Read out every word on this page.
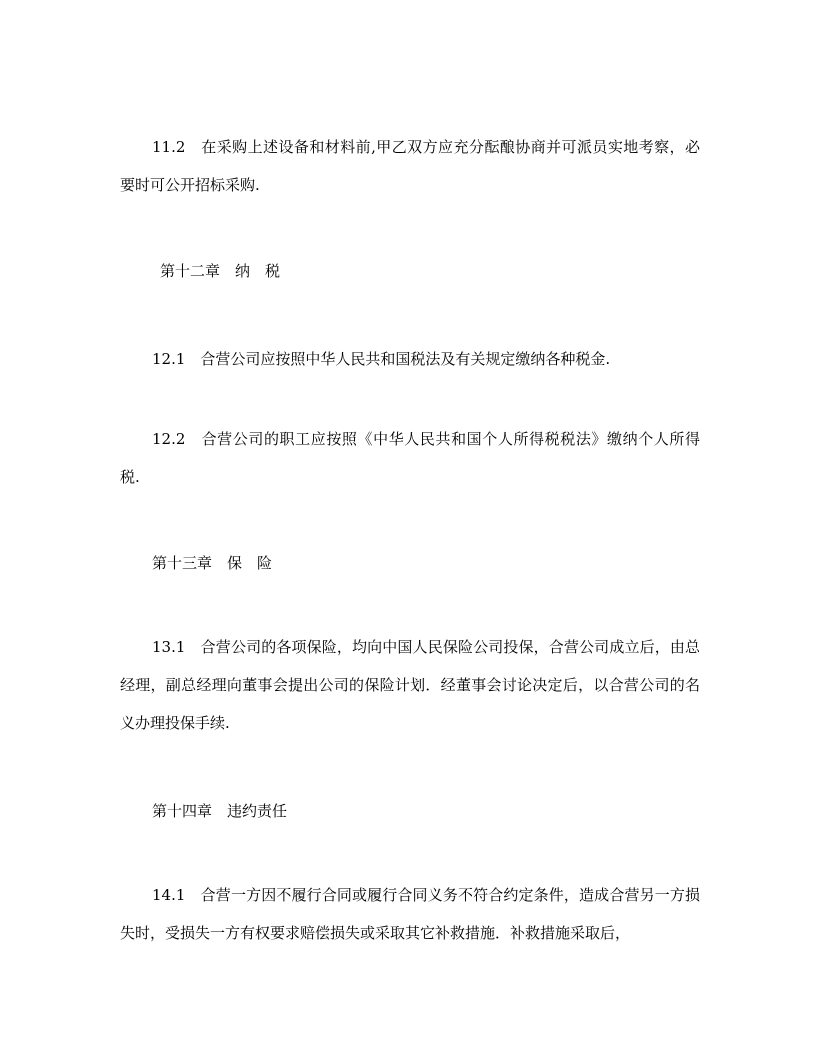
11.2　在采购上述设备和材料前,甲乙双方应充分酝酿协商并可派员实地考察，必要时可公开招标采购.

第十二章　纳　税

12.1　合营公司应按照中华人民共和国税法及有关规定缴纳各种税金.

12.2　合营公司的职工应按照《中华人民共和国个人所得税税法》缴纳个人所得税.

第十三章　保　险

13.1　合营公司的各项保险，均向中国人民保险公司投保，合营公司成立后，由总经理，副总经理向董事会提出公司的保险计划．经董事会讨论决定后，以合营公司的名义办理投保手续.

第十四章　违约责任

14.1　合营一方因不履行合同或履行合同义务不符合约定条件，造成合营另一方损失时，受损失一方有权要求赔偿损失或采取其它补救措施．补救措施采取后，
